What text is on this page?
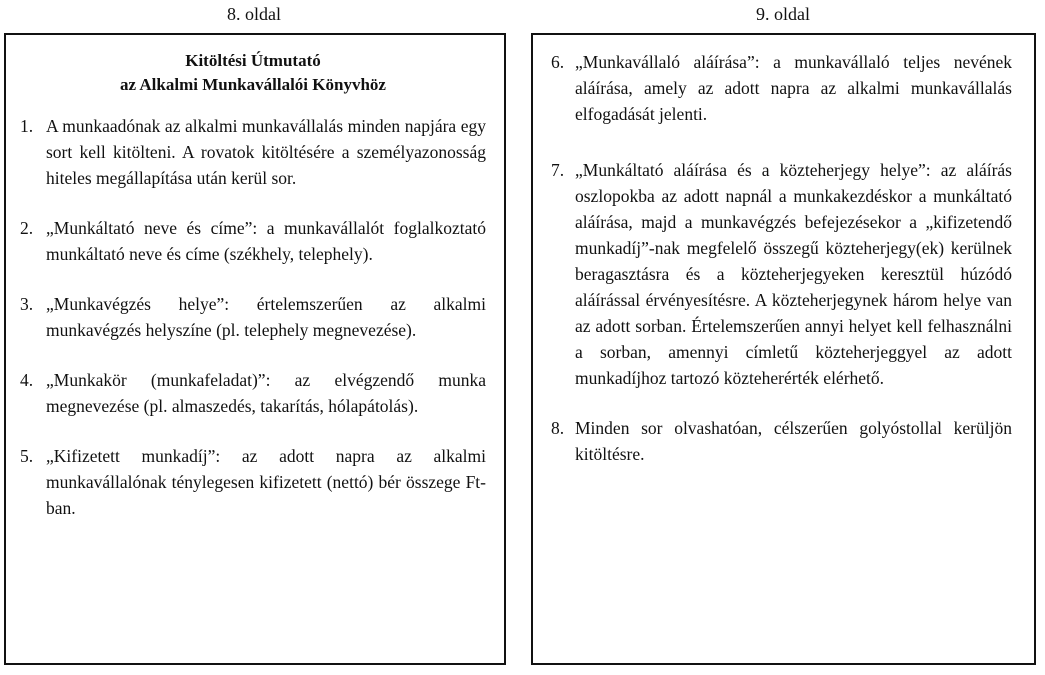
8. oldal	9. oldal
Kitöltési Útmutató
az Alkalmi Munkavállalói Könyvhöz
1. A munkaadónak az alkalmi munkavállalás minden napjára egy sort kell kitölteni. A rovatok kitöltésére a személyazonosság hiteles megállapítása után kerül sor.
2. „Munkáltató neve és címe”: a munkavállalót foglalkoztató munkáltató neve és címe (székhely, telephely).
3. „Munkavégzés helye”: értelemszerűen az alkalmi munkavégzés helyszíne (pl. telephely megnevezése).
4. „Munkakör (munkafeladat)”: az elvégzendő munka megnevezése (pl. almaszedés, takarítás, hólapátolás).
5. „Kifizetett munkadíj”: az adott napra az alkalmi munkavállalónak ténylegesen kifizetett (nettó) bér összege Ft-ban.
6. „Munkavállaló aláírása”: a munkavállaló teljes nevének aláírása, amely az adott napra az alkalmi munkavállalás elfogadását jelenti.
7. „Munkáltató aláírása és a közteherjegy helye”: az aláírás oszlopokba az adott napnál a munkakezdéskor a munkáltató aláírása, majd a munkavégzés befejezésekor a „kifizetendő munkadíj”-nak megfelelő összegű közteherjegy(ek) kerülnek beragasztásra és a közteherjegyeken keresztül húzódó aláírással érvényesítésre. A közteherjegynek három helye van az adott sorban. Értelemszerűen annyi helyet kell felhasználni a sorban, amennyi címletű közteherjeggyel az adott munkadíjhoz tartozó közteherérték elérhető.
8. Minden sor olvashatóan, célszerűen golyóstollal kerüljön kitöltésre.
